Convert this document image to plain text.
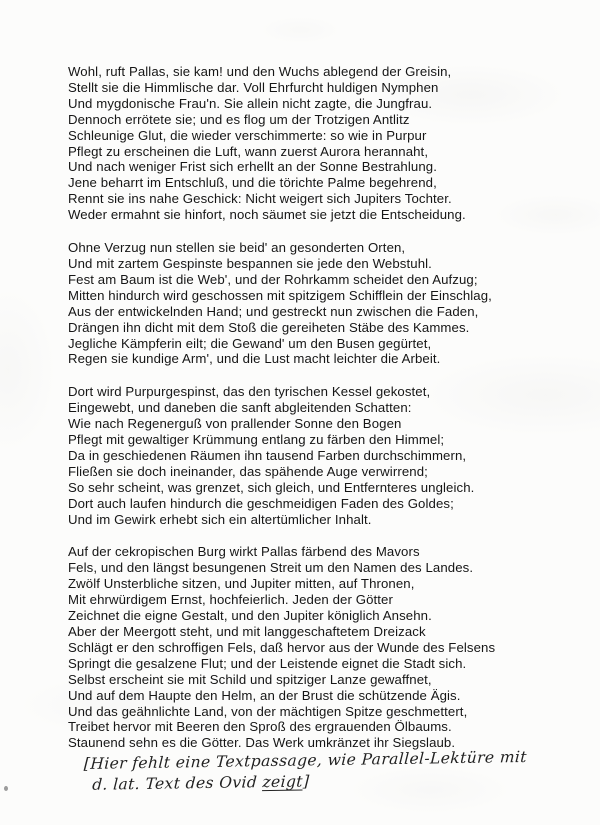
Wohl, ruft Pallas, sie kam! und den Wuchs ablegend der Greisin,
Stellt sie die Himmlische dar. Voll Ehrfurcht huldigen Nymphen
Und mygdonische Frau'n. Sie allein nicht zagte, die Jungfrau.
Dennoch errötete sie; und es flog um der Trotzigen Antlitz
Schleunige Glut, die wieder verschimmerte: so wie in Purpur
Pflegt zu erscheinen die Luft, wann zuerst Aurora herannaht,
Und nach weniger Frist sich erhellt an der Sonne Bestrahlung.
Jene beharrt im Entschluß, und die törichte Palme begehrend,
Rennt sie ins nahe Geschick: Nicht weigert sich Jupiters Tochter.
Weder ermahnt sie hinfort, noch säumet sie jetzt die Entscheidung.
Ohne Verzug nun stellen sie beid' an gesonderten Orten,
Und mit zartem Gespinste bespannen sie jede den Webstuhl.
Fest am Baum ist die Web', und der Rohrkamm scheidet den Aufzug;
Mitten hindurch wird geschossen mit spitzigem Schifflein der Einschlag,
Aus der entwickelnden Hand; und gestreckt nun zwischen die Faden,
Drängen ihn dicht mit dem Stoß die gereiheten Stäbe des Kammes.
Jegliche Kämpferin eilt; die Gewand' um den Busen gegürtet,
Regen sie kundige Arm', und die Lust macht leichter die Arbeit.
Dort wird Purpurgespinst, das den tyrischen Kessel gekostet,
Eingewebt, und daneben die sanft abgleitenden Schatten:
Wie nach Regenerguß von prallender Sonne den Bogen
Pflegt mit gewaltiger Krümmung entlang zu färben den Himmel;
Da in geschiedenen Räumen ihn tausend Farben durchschimmern,
Fließen sie doch ineinander, das spähende Auge verwirrend;
So sehr scheint, was grenzet, sich gleich, und Entfernteres ungleich.
Dort auch laufen hindurch die geschmeidigen Faden des Goldes;
Und im Gewirk erhebt sich ein altertümlicher Inhalt.
Auf der cekropischen Burg wirkt Pallas färbend des Mavors
Fels, und den längst besungenen Streit um den Namen des Landes.
Zwölf Unsterbliche sitzen, und Jupiter mitten, auf Thronen,
Mit ehrwürdigem Ernst, hochfeierlich. Jeden der Götter
Zeichnet die eigne Gestalt, und den Jupiter königlich Ansehn.
Aber der Meergott steht, und mit langgeschaftetem Dreizack
Schlägt er den schroffigen Fels, daß hervor aus der Wunde des Felsens
Springt die gesalzene Flut; und der Leistende eignet die Stadt sich.
Selbst erscheint sie mit Schild und spitziger Lanze gewaffnet,
Und auf dem Haupte den Helm, an der Brust die schützende Ägis.
Und das geähnlichte Land, von der mächtigen Spitze geschmettert,
Treibet hervor mit Beeren den Sproß des ergrauenden Ölbaums.
Staunend sehn es die Götter. Das Werk umkränzet ihr Siegslaub.
[Hier fehlt eine Textpassage, wie Parallel-Lektüre mit
d. lat. Text des Ovid zeigt]
